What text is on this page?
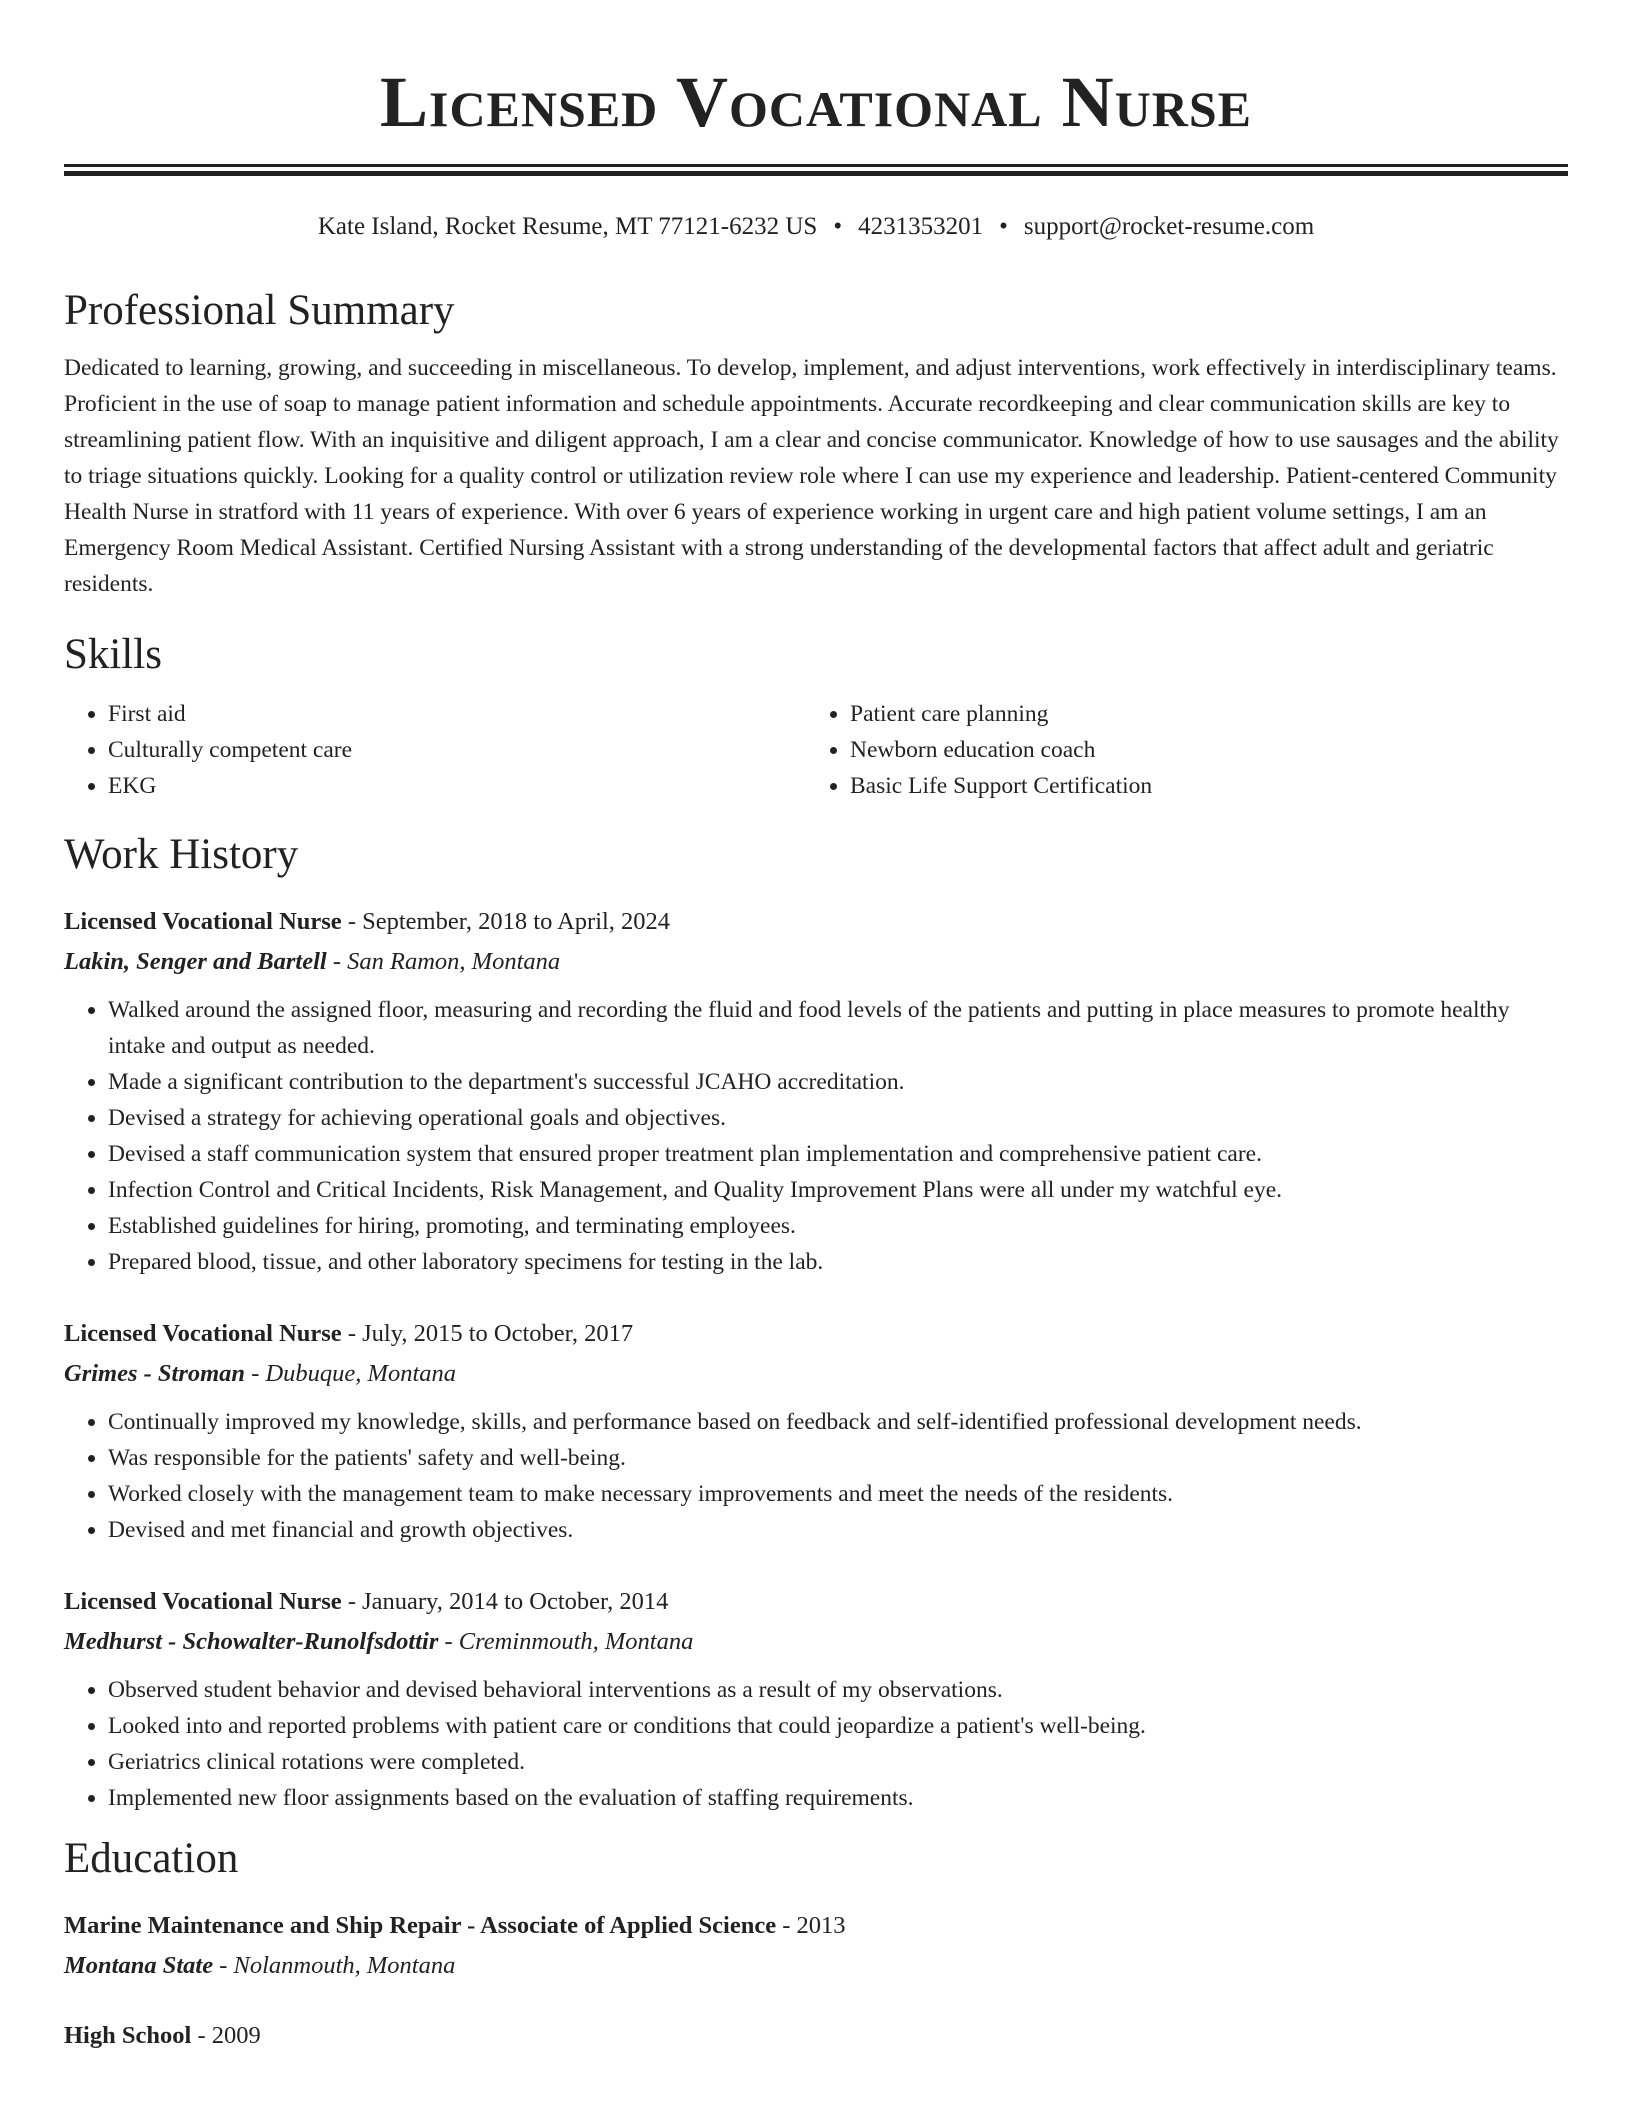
Licensed Vocational Nurse
Kate Island, Rocket Resume, MT 77121-6232 US • 4231353201 • support@rocket-resume.com
Professional Summary

Dedicated to learning, growing, and succeeding in miscellaneous. To develop, implement, and adjust interventions, work effectively in interdisciplinary teams. Proficient in the use of soap to manage patient information and schedule appointments. Accurate recordkeeping and clear communication skills are key to streamlining patient flow. With an inquisitive and diligent approach, I am a clear and concise communicator. Knowledge of how to use sausages and the ability to triage situations quickly. Looking for a quality control or utilization review role where I can use my experience and leadership. Patient-centered Community Health Nurse in stratford with 11 years of experience. With over 6 years of experience working in urgent care and high patient volume settings, I am an Emergency Room Medical Assistant. Certified Nursing Assistant with a strong understanding of the developmental factors that affect adult and geriatric residents.

Skills
• First aid
• Culturally competent care
• EKG
• Patient care planning
• Newborn education coach
• Basic Life Support Certification
Work History
Licensed Vocational Nurse - September, 2018 to April, 2024
Lakin, Senger and Bartell - San Ramon, Montana
• Walked around the assigned floor, measuring and recording the fluid and food levels of the patients and putting in place measures to promote healthy intake and output as needed.
• Made a significant contribution to the department's successful JCAHO accreditation.
• Devised a strategy for achieving operational goals and objectives.
• Devised a staff communication system that ensured proper treatment plan implementation and comprehensive patient care.
• Infection Control and Critical Incidents, Risk Management, and Quality Improvement Plans were all under my watchful eye.
• Established guidelines for hiring, promoting, and terminating employees.
• Prepared blood, tissue, and other laboratory specimens for testing in the lab.
Licensed Vocational Nurse - July, 2015 to October, 2017
Grimes - Stroman - Dubuque, Montana
• Continually improved my knowledge, skills, and performance based on feedback and self-identified professional development needs.
• Was responsible for the patients' safety and well-being.
• Worked closely with the management team to make necessary improvements and meet the needs of the residents.
• Devised and met financial and growth objectives.
Licensed Vocational Nurse - January, 2014 to October, 2014
Medhurst - Schowalter-Runolfsdottir - Creminmouth, Montana
• Observed student behavior and devised behavioral interventions as a result of my observations.
• Looked into and reported problems with patient care or conditions that could jeopardize a patient's well-being.
• Geriatrics clinical rotations were completed.
• Implemented new floor assignments based on the evaluation of staffing requirements.
Education
Marine Maintenance and Ship Repair - Associate of Applied Science - 2013
Montana State - Nolanmouth, Montana
High School - 2009
